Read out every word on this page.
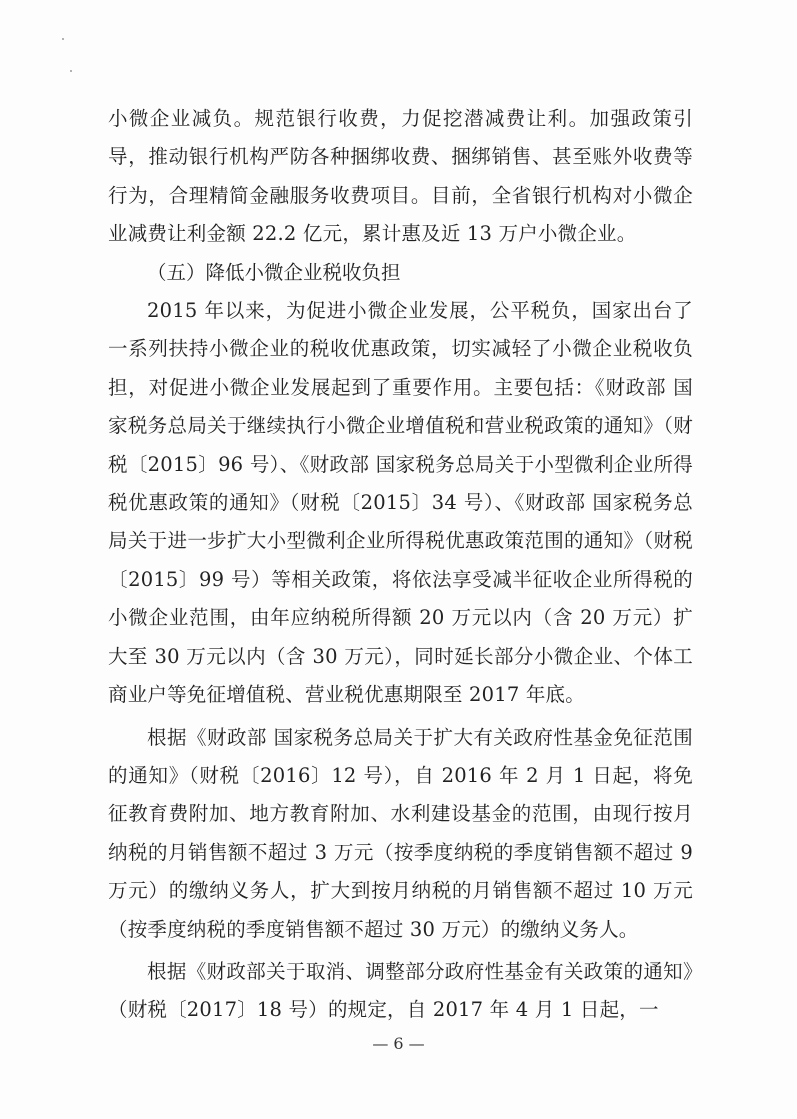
小微企业减负。规范银行收费，力促挖潜减费让利。加强政策引导，推动银行机构严防各种捆绑收费、捆绑销售、甚至账外收费等行为，合理精简金融服务收费项目。目前，全省银行机构对小微企业减费让利金额 22.2 亿元，累计惠及近 13 万户小微企业。

（五）降低小微企业税收负担

2015 年以来，为促进小微企业发展，公平税负，国家出台了一系列扶持小微企业的税收优惠政策，切实减轻了小微企业税收负担，对促进小微企业发展起到了重要作用。主要包括：《财政部 国家税务总局关于继续执行小微企业增值税和营业税政策的通知》（财税〔2015〕96 号）、《财政部 国家税务总局关于小型微利企业所得税优惠政策的通知》（财税〔2015〕34 号）、《财政部 国家税务总局关于进一步扩大小型微利企业所得税优惠政策范围的通知》（财税〔2015〕99 号）等相关政策，将依法享受减半征收企业所得税的小微企业范围，由年应纳税所得额 20 万元以内（含 20 万元）扩大至 30 万元以内（含 30 万元），同时延长部分小微企业、个体工商业户等免征增值税、营业税优惠期限至 2017 年底。

根据《财政部 国家税务总局关于扩大有关政府性基金免征范围的通知》（财税〔2016〕12 号），自 2016 年 2 月 1 日起，将免征教育费附加、地方教育附加、水利建设基金的范围，由现行按月纳税的月销售额不超过 3 万元（按季度纳税的季度销售额不超过 9 万元）的缴纳义务人，扩大到按月纳税的月销售额不超过 10 万元（按季度纳税的季度销售额不超过 30 万元）的缴纳义务人。

根据《财政部关于取消、调整部分政府性基金有关政策的通知》（财税〔2017〕18 号）的规定，自 2017 年 4 月 1 日起，一

— 6 —
